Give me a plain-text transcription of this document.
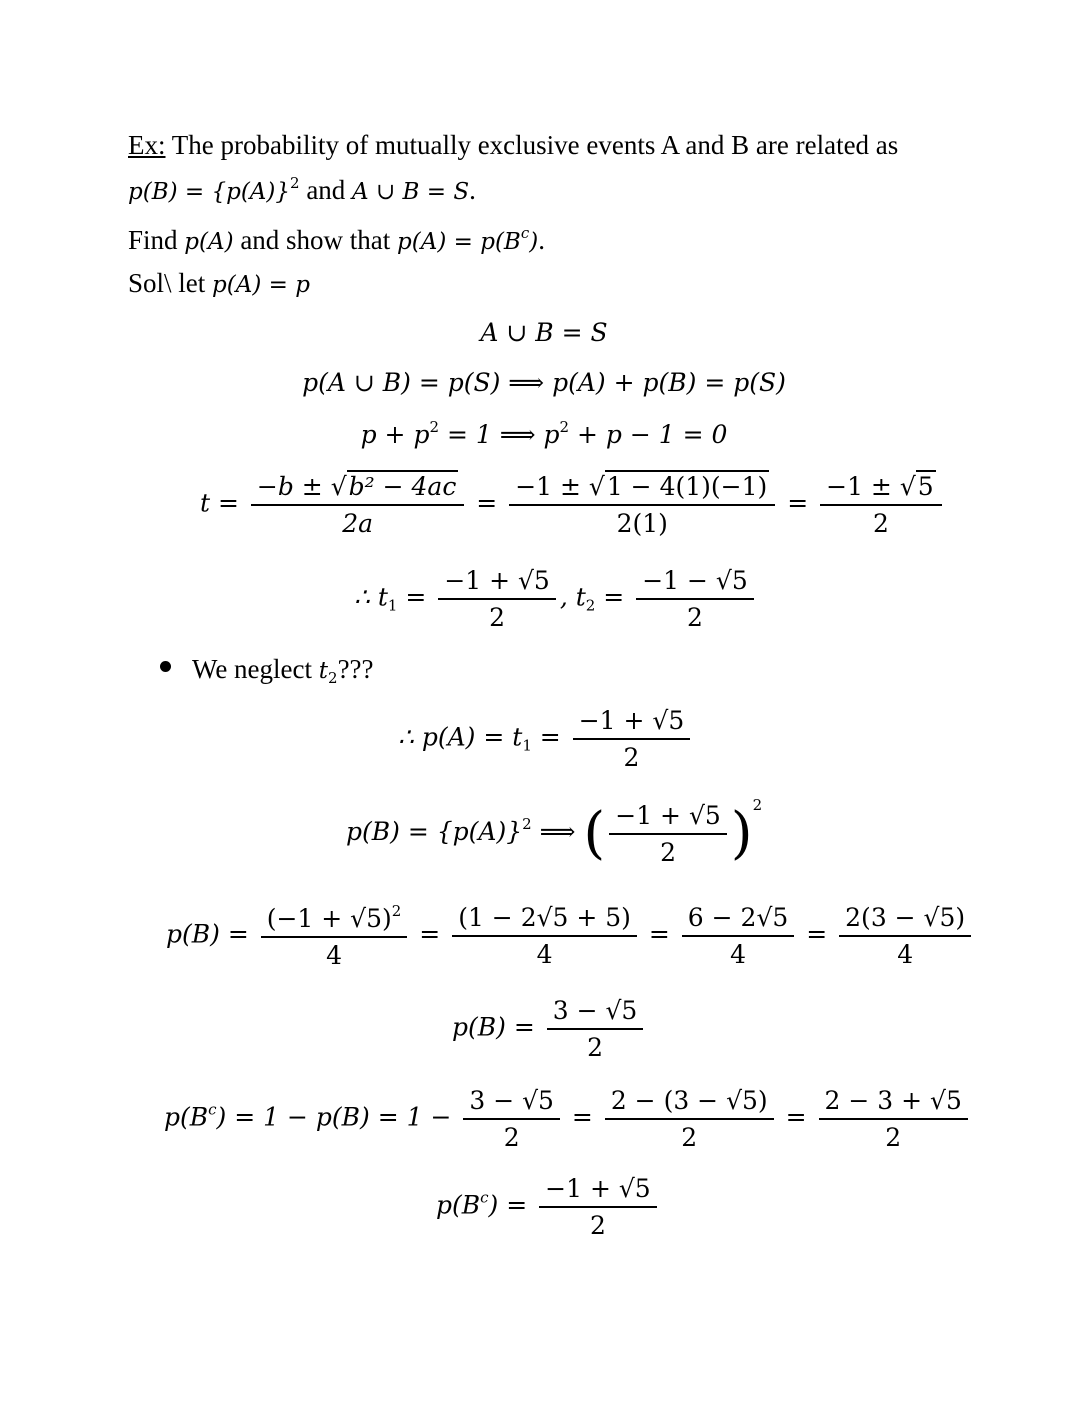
Ex: The probability of mutually exclusive events A and B are related as
$p(B) = \{p(A)\}^2$ and A ∪ B = S.
Find p(A) and show that $p(A) = p(B^c)$.
Sol\ let p(A) = p
A ∪ B = S
p(A ∪ B) = p(S) ⟹ p(A) + p(B) = p(S)
$p + p^2 = 1$ ⟹ $p^2 + p - 1 = 0$
$t = \frac{\text{−b ± √b² − 4ac}}{2a} = \frac{-1 \pm √1 - 4(1)(-1)}{2(1)} = \frac{-1 \pm √5}{2}$
∴ $t_1 = \frac{-1 + √5}{2}$ , $t_2 = \frac{-1 - √5}{2}$
We neglect $t_2$???
∴ $p(A) = t_1 = \frac{-1 + √5}{2}$
$p(B) = \{p(A)\}^2$ ⟹ ( $\frac{-1 + √5}{2} )^2$
$p(B) = \frac{(-1 + √5)^2}{4} = \frac{(1 - 2√5 + 5)}{4} = \frac{6 - 2√5}{4} = \frac{2(3 - √5)}{4}$
$p(B) = \frac{3 - √5}{2}$
$p(B^c) = 1 - p(B) = 1 - \frac{3 - √5}{2} = \frac{2 - (3 - √5)}{2} = \frac{2 - 3 + √5}{2}$
$p(B^c) = \frac{-1 + √5}{2}$
